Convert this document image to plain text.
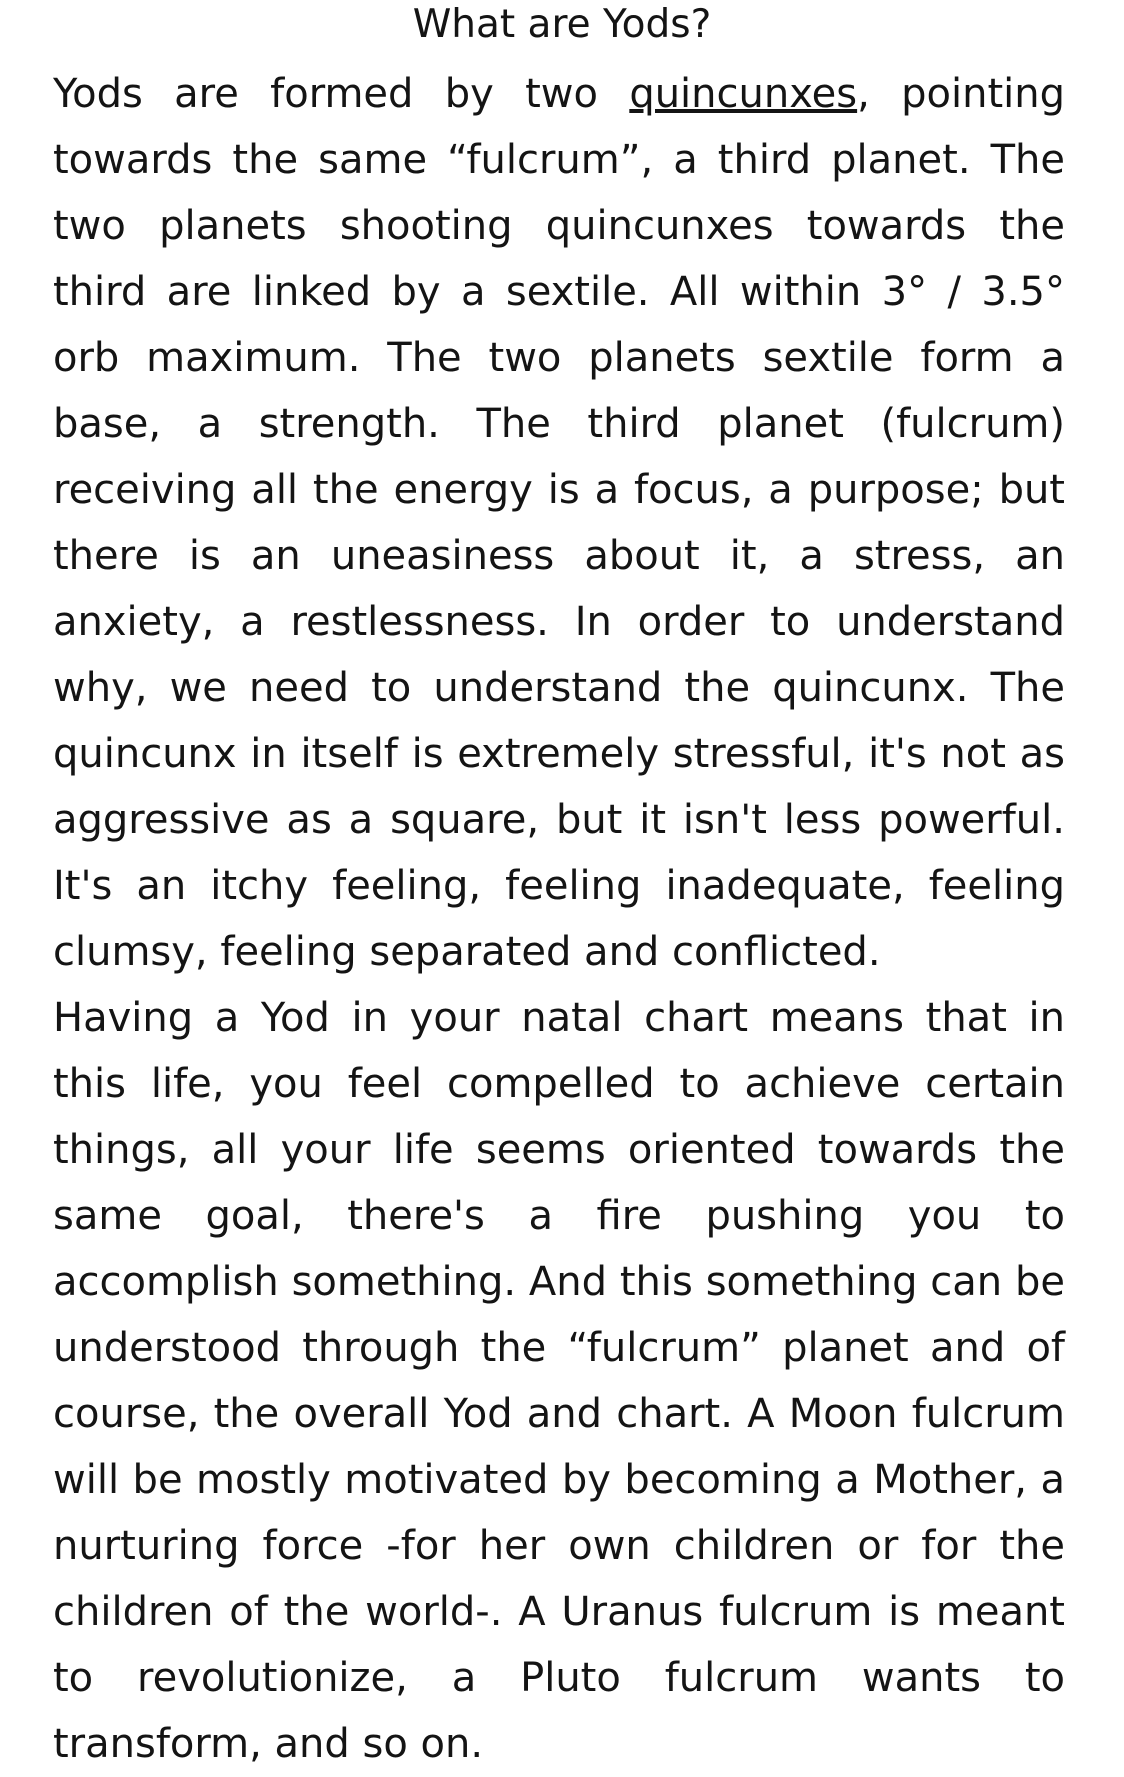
What are Yods?

Yods are formed by two quincunxes, pointing towards the same “fulcrum”, a third planet. The two planets shooting quincunxes towards the third are linked by a sextile. All within 3° / 3.5° orb maximum. The two planets sextile form a base, a strength. The third planet (fulcrum) receiving all the energy is a focus, a purpose; but there is an uneasiness about it, a stress, an anxiety, a restlessness. In order to understand why, we need to understand the quincunx. The quincunx in itself is extremely stressful, it's not as aggressive as a square, but it isn't less powerful. It's an itchy feeling, feeling inadequate, feeling clumsy, feeling separated and conflicted.

Having a Yod in your natal chart means that in this life, you feel compelled to achieve certain things, all your life seems oriented towards the same goal, there's a fire pushing you to accomplish something. And this something can be understood through the “fulcrum” planet and of course, the overall Yod and chart. A Moon fulcrum will be mostly motivated by becoming a Mother, a nurturing force -for her own children or for the children of the world-. A Uranus fulcrum is meant to revolutionize, a Pluto fulcrum wants to transform, and so on.
